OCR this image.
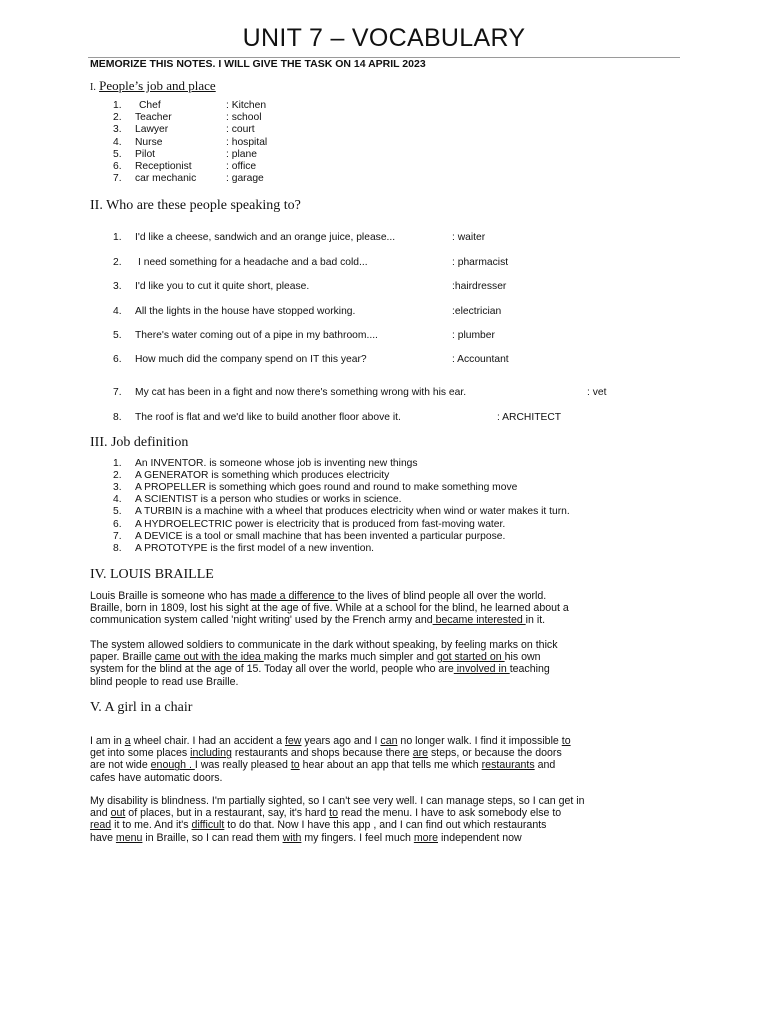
UNIT 7 – VOCABULARY
MEMORIZE THIS NOTES. I WILL GIVE THE TASK ON 14 APRIL 2023
I. People’s job and place
1. Chef	: Kitchen
2. Teacher	: school
3. Lawyer	: court
4. Nurse	: hospital
5. Pilot	: plane
6. Receptionist	: office
7. car mechanic	: garage
II. Who are these people speaking to?
1. I'd like a cheese, sandwich and an orange juice, please...	: waiter
2. I need something for a headache and a bad cold...	: pharmacist
3. I'd like you to cut it quite short, please.	:hairdresser
4. All the lights in the house have stopped working.	:electrician
5. There's water coming out of a pipe in my bathroom....	: plumber
6. How much did the company spend on IT this year?	: Accountant
7. My cat has been in a fight and now there's something wrong with his ear.	: vet
8. The roof is flat and we'd like to build another floor above it.	: ARCHITECT
III. Job definition
1. An INVENTOR. is someone whose job is inventing new things
2. A GENERATOR is something which produces electricity
3. A PROPELLER is something which goes round and round to make something move
4. A SCIENTIST is a person who studies or works in science.
5. A TURBIN is a machine with a wheel that produces electricity when wind or water makes it turn.
6. A HYDROELECTRIC power is electricity that is produced from fast-moving water.
7. A DEVICE is a tool or small machine that has been invented a particular purpose.
8. A PROTOTYPE is the first model of a new invention.
IV. LOUIS BRAILLE
Louis Braille is someone who has made a difference to the lives of blind people all over the world.
Braille, born in 1809, lost his sight at the age of five. While at a school for the blind, he learned about a
communication system called 'night writing' used by the French army and became interested in it.
The system allowed soldiers to communicate in the dark without speaking, by feeling marks on thick
paper. Braille came out with the idea making the marks much simpler and got started on his own
system for the blind at the age of 15. Today all over the world, people who are involved in teaching
blind people to read use Braille.
V. A girl in a chair
I am in a wheel chair. I had an accident a few years ago and I can no longer walk. I find it impossible to
get into some places including restaurants and shops because there are steps, or because the doors
are not wide enough . I was really pleased to hear about an app that tells me which restaurants and
cafes have automatic doors.
My disability is blindness. I'm partially sighted, so I can't see very well. I can manage steps, so I can get in
and out of places, but in a restaurant, say, it's hard to read the menu. I have to ask somebody else to
read it to me. And it's difficult to do that. Now I have this app , and I can find out which restaurants
have menu in Braille, so I can read them with my fingers. I feel much more independent now
